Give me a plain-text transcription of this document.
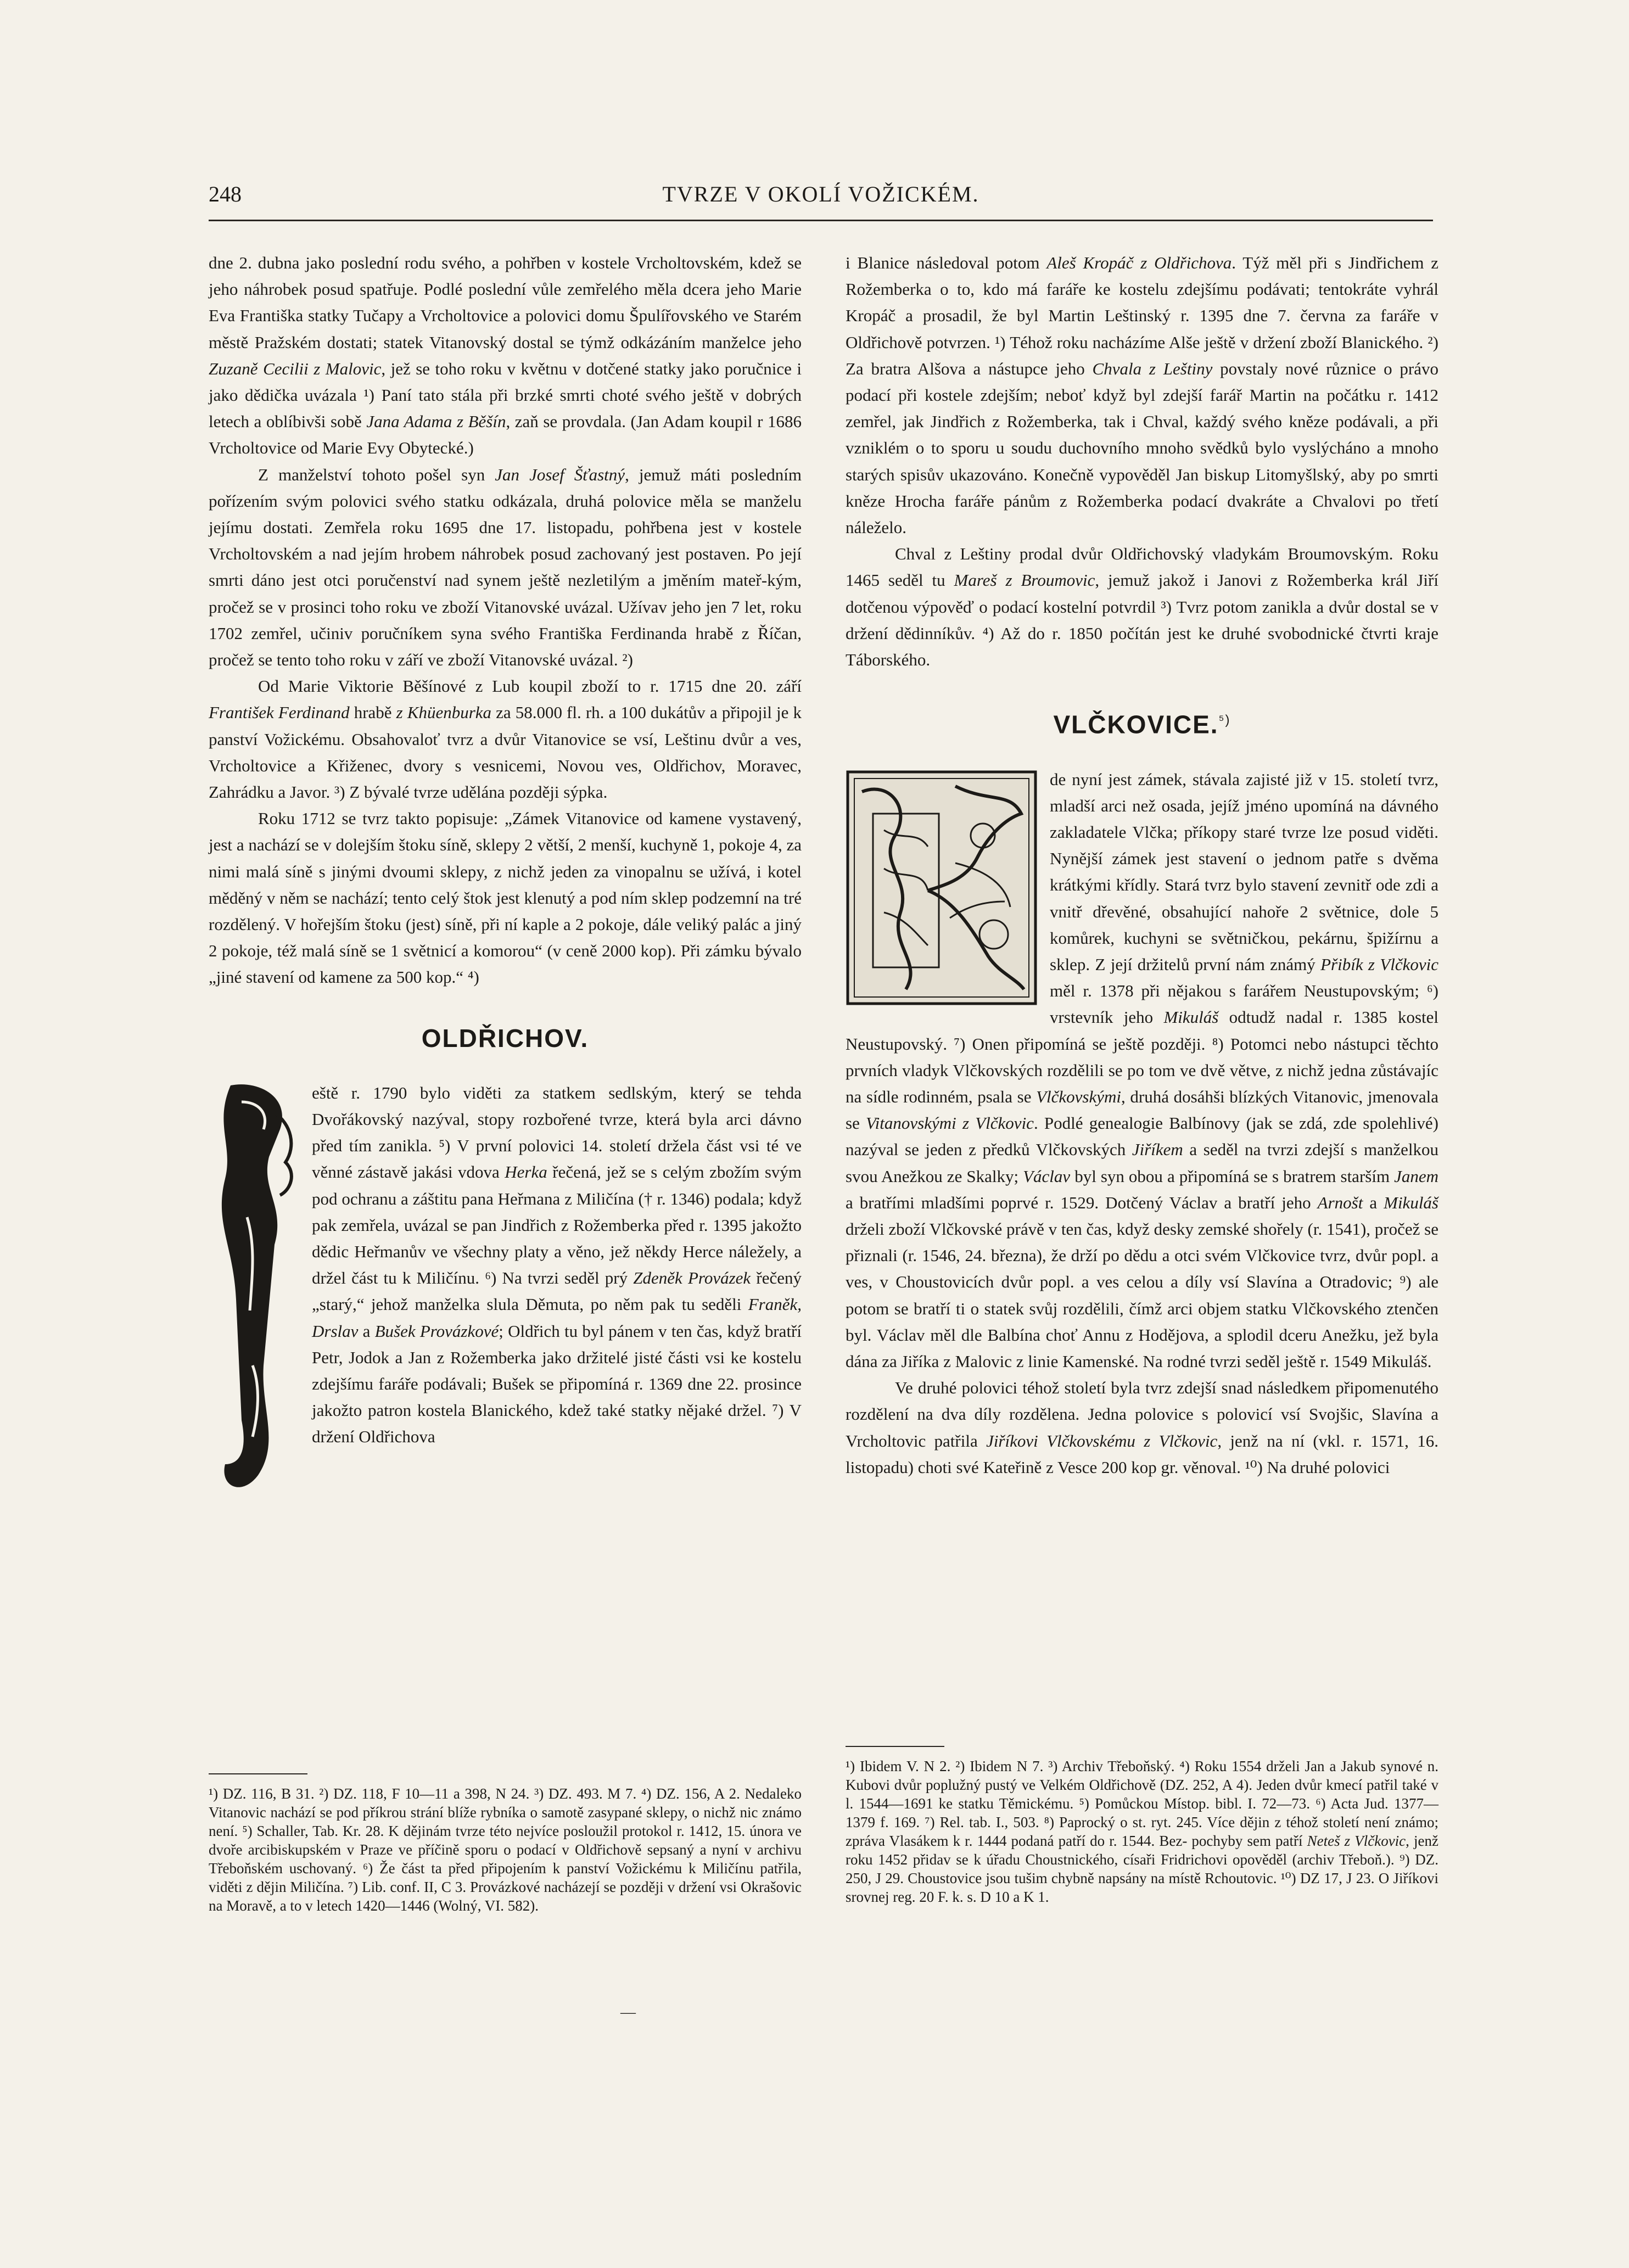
248	TVRZE V OKOLÍ VOŽICKÉM.

dne 2. dubna jako poslední rodu svého, a pohřben v kostele Vrcholtovském, kdež se jeho náhrobek posud spatřuje. Podlé poslední vůle zemřelého měla dcera jeho Marie Eva Františka statky Tučapy a Vrcholtovice a polovici domu Špulířovského ve Starém městě Pražském dostati; statek Vitanovský dostal se týmž odkázáním manželce jeho Zuzaně Cecilii z Malovic, jež se toho roku v květnu v dotčené statky jako poručnice i jako dědička uvázala ¹) Paní tato stála při brzké smrti choté svého ještě v dobrých letech a oblíbivši sobě Jana Adama z Běšín, zaň se provdala. (Jan Adam koupil r 1686 Vrcholtovice od Marie Evy Obytecké.)

Z manželství tohoto pošel syn Jan Josef Šťastný, jemuž máti posledním pořízením svým polovici svého statku odkázala, druhá polovice měla se manželu jejímu dostati. Zemřela roku 1695 dne 17. listopadu, pohřbena jest v kostele Vrcholtovském a nad jejím hrobem náhrobek posud zachovaný jest postaven. Po její smrti dáno jest otci poručenství nad synem ještě nezletilým a jměním mateř-kým, pročež se v prosinci toho roku ve zboží Vitanovské uvázal. Užívav jeho jen 7 let, roku 1702 zemřel, učiniv poručníkem syna svého Františka Ferdinanda hrabě z Říčan, pročež se tento toho roku v září ve zboží Vitanovské uvázal. ²)

Od Marie Viktorie Běšínové z Lub koupil zboží to r. 1715 dne 20. září František Ferdinand hrabě z Khüenburka za 58.000 fl. rh. a 100 dukátův a připojil je k panství Vožickému. Obsahovaloť tvrz a dvůr Vitanovice se vsí, Leštinu dvůr a ves, Vrcholtovice a Křiženec, dvory s vesnicemi, Novou ves, Oldřichov, Moravec, Zahrádku a Javor. ³) Z bývalé tvrze udělána později sýpka.

Roku 1712 se tvrz takto popisuje: „Zámek Vitanovice od kamene vystavený, jest a nachází se v dolejším štoku síně, sklepy 2 větší, 2 menší, kuchyně 1, pokoje 4, za nimi malá síně s jinými dvoumi sklepy, z nichž jeden za vinopalnu se užívá, i kotel měděný v něm se nachází; tento celý štok jest klenutý a pod ním sklep podzemní na tré rozdělený. V hořejším štoku (jest) síně, při ní kaple a 2 pokoje, dále veliký palác a jiný 2 pokoje, též malá síně se 1 světnicí a komorou“ (v ceně 2000 kop). Při zámku bývalo „jiné stavení od kamene za 500 kop.“ ⁴)

OLDŘICHOV.

eště r. 1790 bylo viděti za statkem sedlským, který se tehda Dvořákovský nazýval, stopy rozbořené tvrze, která byla arci dávno před tím zanikla. ⁵) V první polovici 14. století držela část vsi té ve věnné zástavě jakási vdova Herka řečená, jež se s celým zbožím svým pod ochranu a záštitu pana Heřmana z Miličína († r. 1346) podala; když pak zemřela, uvázal se pan Jindřich z Rožemberka před r. 1395 jakožto dědic Heřmanův ve všechny platy a věno, jež někdy Herce náležely, a držel část tu k Miličínu. ⁶) Na tvrzi seděl prý Zdeněk Provázek řečený „starý,“ jehož manželka slula Děmuta, po něm pak tu seděli Franěk, Drslav a Bušek Provázkové; Oldřich tu byl pánem v ten čas, když bratří Petr, Jodok a Jan z Rožemberka jako držitelé jisté části vsi ke kostelu zdejšímu faráře podávali; Bušek se připomíná r. 1369 dne 22. prosince jakožto patron kostela Blanického, kdež také statky nějaké držel. ⁷) V držení Oldřichova

¹) DZ. 116, B 31. ²) DZ. 118, F 10—11 a 398, N 24. ³) DZ. 493. M 7. ⁴) DZ. 156, A 2. Nedaleko Vitanovic nachází se pod příkrou strání blíže rybníka o samotě zasypané sklepy, o nichž nic známo není. ⁵) Schaller, Tab. Kr. 28. K dějinám tvrze této nejvíce posloužil protokol r. 1412, 15. února ve dvoře arcibiskupském v Praze ve příčině sporu o podací v Oldřichově sepsaný a nyní v archivu Třeboňském uschovaný. ⁶) Že část ta před připojením k panství Vožickému k Miličínu patřila, viděti z dějin Miličína. ⁷) Lib. conf. II, C 3. Provázkové nacházejí se později v držení vsi Okrašovic na Moravě, a to v letech 1420—1446 (Wolný, VI. 582).

i Blanice následoval potom Aleš Kropáč z Oldřichova. Týž měl při s Jindřichem z Rožemberka o to, kdo má faráře ke kostelu zdejšímu podávati; tentokráte vyhrál Kropáč a prosadil, že byl Martin Leštinský r. 1395 dne 7. června za faráře v Oldřichově potvrzen. ¹) Téhož roku nacházíme Alše ještě v držení zboží Blanického. ²) Za bratra Alšova a nástupce jeho Chvala z Leštiny povstaly nové různice o právo podací při kostele zdejším; neboť když byl zdejší farář Martin na počátku r. 1412 zemřel, jak Jindřich z Rožemberka, tak i Chval, každý svého kněze podávali, a při vzniklém o to sporu u soudu duchovního mnoho svědků bylo vyslýcháno a mnoho starých spisův ukazováno. Konečně vypověděl Jan biskup Litomyšlský, aby po smrti kněze Hrocha faráře pánům z Rožemberka podací dvakráte a Chvalovi po třetí náleželo.

Chval z Leštiny prodal dvůr Oldřichovský vladykám Broumovským. Roku 1465 seděl tu Mareš z Broumovic, jemuž jakož i Janovi z Rožemberka král Jiří dotčenou výpověď o podací kostelní potvrdil ³) Tvrz potom zanikla a dvůr dostal se v držení dědinníkův. ⁴) Až do r. 1850 počítán jest ke druhé svobodnické čtvrti kraje Táborského.

VLČKOVICE.$^{^5)}$

de nyní jest zámek, stávala zajisté již v 15. století tvrz, mladší arci než osada, jejíž jméno upomíná na dávného zakladatele Vlčka; příkopy staré tvrze lze posud viděti. Nynější zámek jest stavení o jednom patře s dvěma krátkými křídly. Stará tvrz bylo stavení zevnitř ode zdi a vnitř dřevěné, obsahující nahoře 2 světnice, dole 5 komůrek, kuchyni se světničkou, pekárnu, špižírnu a sklep. Z její držitelů první nám známý Přibík z Vlčkovic měl r. 1378 při nějakou s farářem Neustupovským; ⁶) vrstevník jeho Mikuláš odtudž nadal r. 1385 kostel Neustupovský. ⁷) Onen připomíná se ještě později. ⁸) Potomci nebo nástupci těchto prvních vladyk Vlčkovských rozdělili se po tom ve dvě větve, z nichž jedna zůstávajíc na sídle rodinném, psala se Vlčkovskými, druhá dosáhši blízkých Vitanovic, jmenovala se Vitanovskými z Vlčkovic. Podlé genealogie Balbínovy (jak se zdá, zde spolehlivé) nazýval se jeden z předků Vlčkovských Jiříkem a seděl na tvrzi zdejší s manželkou svou Anežkou ze Skalky; Václav byl syn obou a připomíná se s bratrem starším Janem a bratřími mladšími poprvé r. 1529. Dotčený Václav a bratří jeho Arnošt a Mikuláš drželi zboží Vlčkovské právě v ten čas, když desky zemské shořely (r. 1541), pročež se přiznali (r. 1546, 24. března), že drží po dědu a otci svém Vlčkovice tvrz, dvůr popl. a ves, v Choustovicích dvůr popl. a ves celou a díly vsí Slavína a Otradovic; ⁹) ale potom se bratří ti o statek svůj rozdělili, čímž arci objem statku Vlčkovského ztenčen byl. Václav měl dle Balbína choť Annu z Hodějova, a splodil dceru Anežku, jež byla dána za Jiříka z Malovic z linie Kamenské. Na rodné tvrzi seděl ještě r. 1549 Mikuláš.

Ve druhé polovici téhož století byla tvrz zdejší snad následkem připomenutého rozdělení na dva díly rozdělena. Jedna polovice s polovicí vsí Svojšic, Slavína a Vrcholtovic patřila Jiříkovi Vlčkovskému z Vlčkovic, jenž na ní (vkl. r. 1571, 16. listopadu) choti své Kateřině z Vesce 200 kop gr. věnoval. ¹⁰) Na druhé polovici

¹) Ibidem V. N 2. ²) Ibidem N 7. ³) Archiv Třeboňský. ⁴) Roku 1554 drželi Jan a Jakub synové n. Kubovi dvůr poplužný pustý ve Velkém Oldřichově (DZ. 252, A 4). Jeden dvůr kmecí patřil také v l. 1544—1691 ke statku Těmickému. ⁵) Pomůckou Místop. bibl. I. 72—73. ⁶) Acta Jud. 1377—1379 f. 169. ⁷) Rel. tab. I., 503. ⁸) Paprocký o st. ryt. 245. Více dějin z téhož století není známo; zpráva Vlasákem k r. 1444 podaná patří do r. 1544. Bez- pochyby sem patří Neteš z Vlčkovic, jenž roku 1452 přidav se k úřadu Choustnického, císaři Fridrichovi opověděl (archiv Třeboň.). ⁹) DZ. 250, J 29. Choustovice jsou tušim chybně napsány na místě Rchoutovic. ¹⁰) DZ 17, J 23. O Jiříkovi srovnej reg. 20 F. k. s. D 10 a K 1.

—
